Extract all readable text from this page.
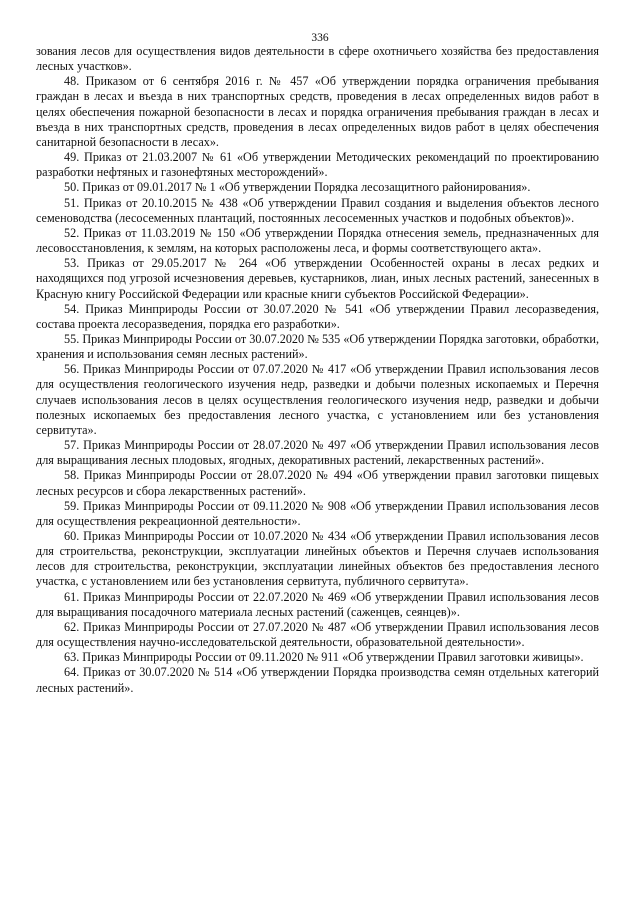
336

зования лесов для осуществления видов деятельности в сфере охотничьего хозяйства без предоставления лесных участков».

48. Приказом от 6 сентября 2016 г. № 457 «Об утверждении порядка ограничения пребывания граждан в лесах и въезда в них транспортных средств, проведения в лесах определенных видов работ в целях обеспечения пожарной безопасности в лесах и порядка ограничения пребывания граждан в лесах и въезда в них транспортных средств, проведения в лесах определенных видов работ в целях обеспечения санитарной безопасности в лесах».

49. Приказ от 21.03.2007 № 61 «Об утверждении Методических рекомендаций по проектированию разработки нефтяных и газонефтяных месторождений».

50. Приказ от 09.01.2017 № 1 «Об утверждении Порядка лесозащитного районирования».

51. Приказ от 20.10.2015 № 438 «Об утверждении Правил создания и выделения объектов лесного семеноводства (лесосеменных плантаций, постоянных лесосеменных участков и подобных объектов)».

52. Приказ от 11.03.2019 № 150 «Об утверждении Порядка отнесения земель, предназначенных для лесовосстановления, к землям, на которых расположены леса, и формы соответствующего акта».

53. Приказ от 29.05.2017 № 264 «Об утверждении Особенностей охраны в лесах редких и находящихся под угрозой исчезновения деревьев, кустарников, лиан, иных лесных растений, занесенных в Красную книгу Российской Федерации или красные книги субъектов Российской Федерации».

54. Приказ Минприроды России от 30.07.2020 № 541 «Об утверждении Правил лесоразведения, состава проекта лесоразведения, порядка его разработки».

55. Приказ Минприроды России от 30.07.2020 № 535 «Об утверждении Порядка заготовки, обработки, хранения и использования семян лесных растений».

56. Приказ Минприроды России от 07.07.2020 № 417 «Об утверждении Правил использования лесов для осуществления геологического изучения недр, разведки и добычи полезных ископаемых и Перечня случаев использования лесов в целях осуществления геологического изучения недр, разведки и добычи полезных ископаемых без предоставления лесного участка, с установлением или без установления сервитута».

57. Приказ Минприроды России от 28.07.2020 № 497 «Об утверждении Правил использования лесов для выращивания лесных плодовых, ягодных, декоративных растений, лекарственных растений».

58. Приказ Минприроды России от 28.07.2020 № 494 «Об утверждении правил заготовки пищевых лесных ресурсов и сбора лекарственных растений».

59. Приказ Минприроды России от 09.11.2020 № 908 «Об утверждении Правил использования лесов для осуществления рекреационной деятельности».

60. Приказ Минприроды России от 10.07.2020 № 434 «Об утверждении Правил использования лесов для строительства, реконструкции, эксплуатации линейных объектов и Перечня случаев использования лесов для строительства, реконструкции, эксплуатации линейных объектов без предоставления лесного участка, с установлением или без установления сервитута, публичного сервитута».

61. Приказ Минприроды России от 22.07.2020 № 469 «Об утверждении Правил использования лесов для выращивания посадочного материала лесных растений (саженцев, сеянцев)».

62. Приказ Минприроды России от 27.07.2020 № 487 «Об утверждении Правил использования лесов для осуществления научно-исследовательской деятельности, образовательной деятельности».

63. Приказ Минприроды России от 09.11.2020 № 911 «Об утверждении Правил заготовки живицы».

64. Приказ от 30.07.2020 № 514 «Об утверждении Порядка производства семян отдельных категорий лесных растений».
